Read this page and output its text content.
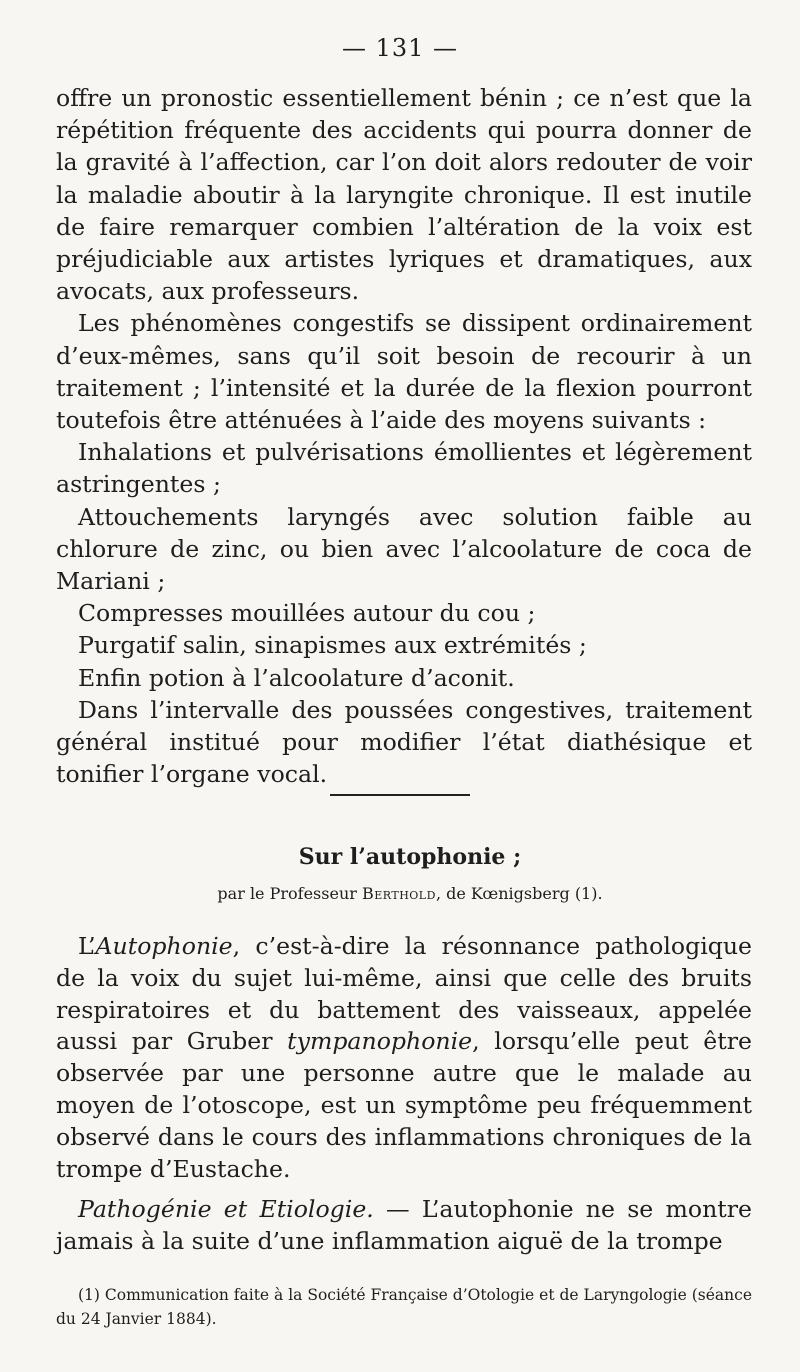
— 131 —

offre un pronostic essentiellement bénin ; ce n’est que la répétition fréquente des accidents qui pourra donner de la gravité à l’affection, car l’on doit alors redouter de voir la maladie aboutir à la laryngite chronique. Il est inutile de faire remarquer combien l’altération de la voix est préjudiciable aux artistes lyriques et dramatiques, aux avocats, aux professeurs.

Les phénomènes congestifs se dissipent ordinairement d’eux-mêmes, sans qu’il soit besoin de recourir à un traitement ; l’intensité et la durée de la flexion pourront toutefois être atténuées à l’aide des moyens suivants :

Inhalations et pulvérisations émollientes et légèrement astringentes ;

Attouchements laryngés avec solution faible au chlorure de zinc, ou bien avec l’alcoolature de coca de Mariani ;

Compresses mouillées autour du cou ;

Purgatif salin, sinapismes aux extrémités ;

Enfin potion à l’alcoolature d’aconit.

Dans l’intervalle des poussées congestives, traitement général institué pour modifier l’état diathésique et tonifier l’organe vocal.

Sur l’autophonie ;
par le Professeur Berthold, de Kœnigsberg (1).

L’Autophonie, c’est-à-dire la résonnance pathologique de la voix du sujet lui-même, ainsi que celle des bruits respiratoires et du battement des vaisseaux, appelée aussi par Gruber tympanophonie, lorsqu’elle peut être observée par une personne autre que le malade au moyen de l’otoscope, est un symptôme peu fréquemment observé dans le cours des inflammations chroniques de la trompe d’Eustache.

Pathogénie et Etiologie. — L’autophonie ne se montre jamais à la suite d’une inflammation aiguë de la trompe

(1) Communication faite à la Société Française d’Otologie et de Laryngologie (séance du 24 Janvier 1884).
